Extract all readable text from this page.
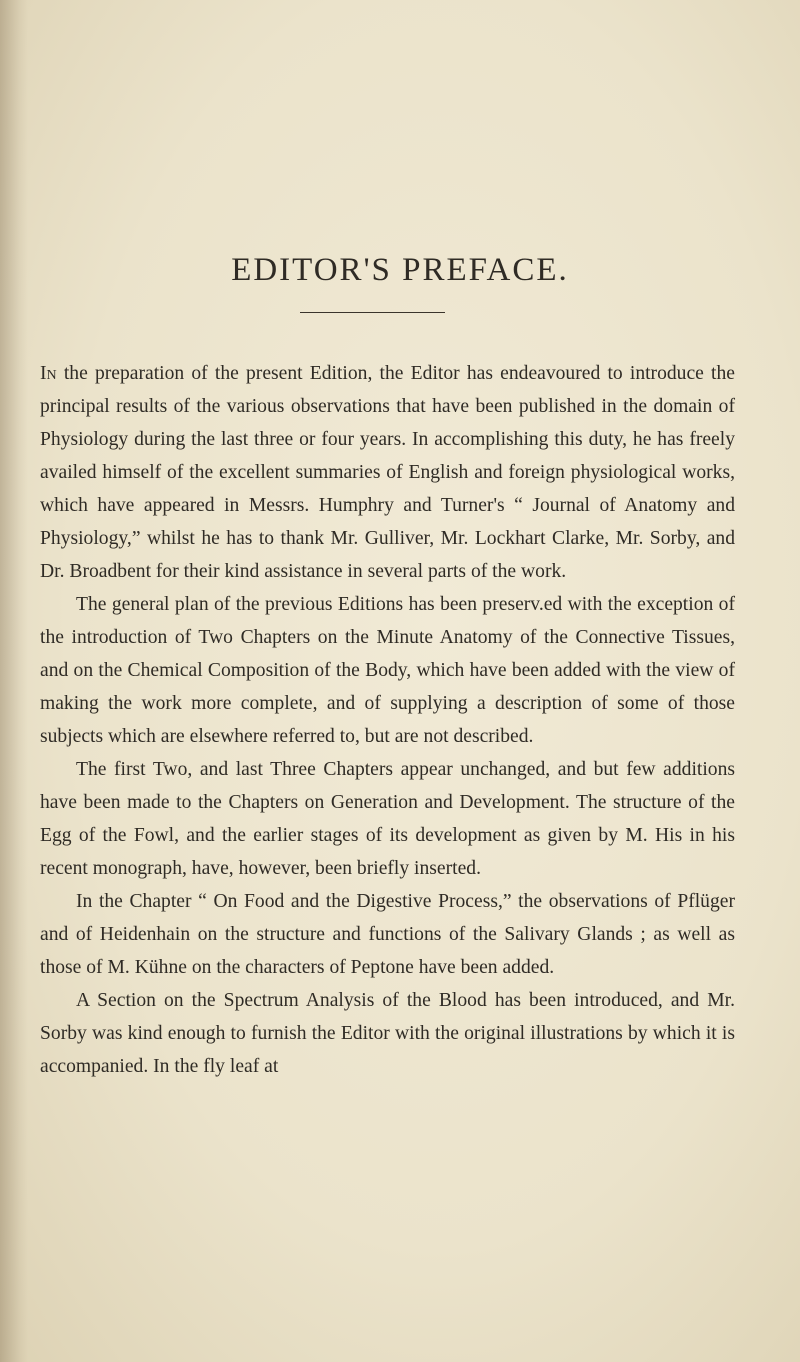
EDITOR'S PREFACE.

In the preparation of the present Edition, the Editor has endeavoured to introduce the principal results of the various observations that have been published in the domain of Physiology during the last three or four years. In accomplishing this duty, he has freely availed himself of the excellent summaries of English and foreign physiological works, which have appeared in Messrs. Humphry and Turner's “ Journal of Anatomy and Physiology,” whilst he has to thank Mr. Gulliver, Mr. Lockhart Clarke, Mr. Sorby, and Dr. Broadbent for their kind assistance in several parts of the work.

The general plan of the previous Editions has been preserv.ed with the exception of the introduction of Two Chapters on the Minute Anatomy of the Connective Tissues, and on the Chemical Composition of the Body, which have been added with the view of making the work more complete, and of supplying a description of some of those subjects which are elsewhere referred to, but are not described.

The first Two, and last Three Chapters appear unchanged, and but few additions have been made to the Chapters on Generation and Development. The structure of the Egg of the Fowl, and the earlier stages of its development as given by M. His in his recent monograph, have, however, been briefly inserted.

In the Chapter “ On Food and the Digestive Process,” the observations of Pflüger and of Heidenhain on the structure and functions of the Salivary Glands ; as well as those of M. Kühne on the characters of Peptone have been added.

A Section on the Spectrum Analysis of the Blood has been introduced, and Mr. Sorby was kind enough to furnish the Editor with the original illustrations by which it is accompanied. In the fly leaf at
